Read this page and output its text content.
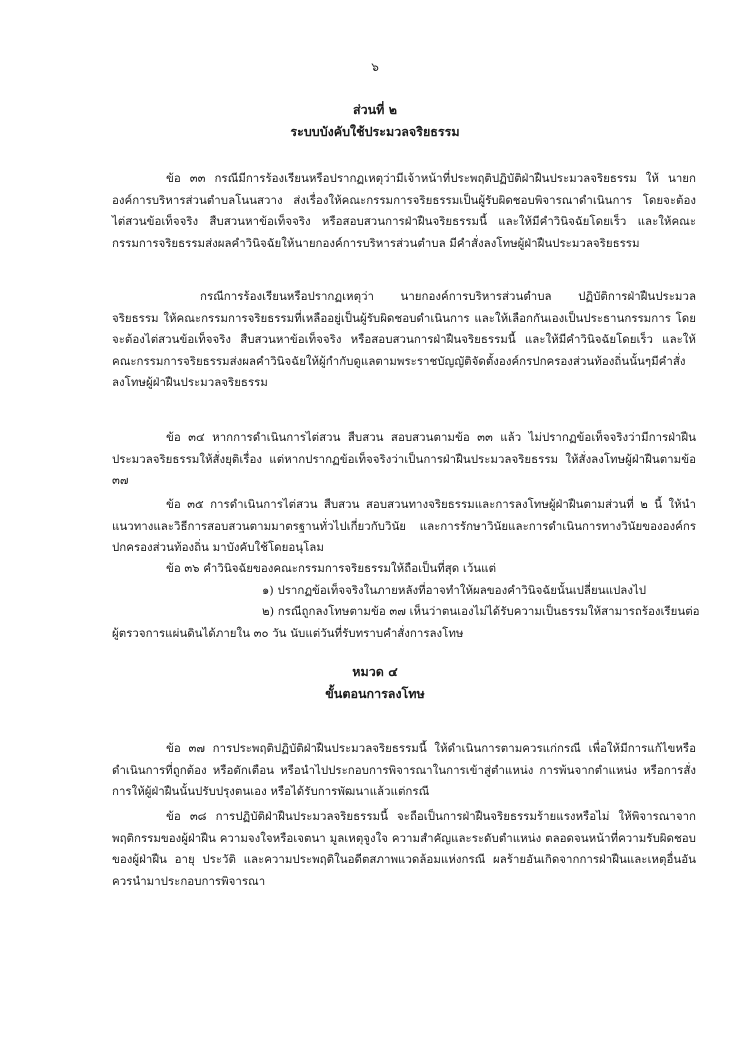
๖
ส่วนที่ ๒
ระบบบังคับใช้ประมวลจริยธรรม

ข้อ ๓๓ กรณีมีการร้องเรียนหรือปรากฏเหตุว่ามีเจ้าหน้าที่ประพฤติปฏิบัติฝ่าฝืนประมวลจริยธรรม ให้ นายกองค์การบริหารส่วนตำบลโนนสวาง ส่งเรื่องให้คณะกรรมการจริยธรรมเป็นผู้รับผิดชอบพิจารณาดำเนินการ โดยจะต้องไต่สวนข้อเท็จจริง สืบสวนหาข้อเท็จจริง หรือสอบสวนการฝ่าฝืนจริยธรรมนี้ และให้มีคำวินิจฉัยโดยเร็ว และให้คณะกรรมการจริยธรรมส่งผลคำวินิจฉัยให้นายกองค์การบริหารส่วนตำบล มีคำสั่งลงโทษผู้ฝ่าฝืนประมวลจริยธรรม

กรณีการร้องเรียนหรือปรากฏเหตุว่า นายกองค์การบริหารส่วนตำบล ปฏิบัติการฝ่าฝืนประมวลจริยธรรม ให้คณะกรรมการจริยธรรมที่เหลืออยู่เป็นผู้รับผิดชอบดำเนินการ และให้เลือกกันเองเป็นประธานกรรมการ โดยจะต้องไต่สวนข้อเท็จจริง สืบสวนหาข้อเท็จจริง หรือสอบสวนการฝ่าฝืนจริยธรรมนี้ และให้มีคำวินิจฉัยโดยเร็ว และให้คณะกรรมการจริยธรรมส่งผลคำวินิจฉัยให้ผู้กำกับดูแลตามพระราชบัญญัติจัดตั้งองค์กรปกครองส่วนท้องถิ่นนั้นๆมีคำสั่งลงโทษผู้ฝ่าฝืนประมวลจริยธรรม

ข้อ ๓๔ หากการดำเนินการไต่สวน สืบสวน สอบสวนตามข้อ ๓๓ แล้ว ไม่ปรากฏข้อเท็จจริงว่ามีการฝ่าฝืนประมวลจริยธรรมให้สั่งยุติเรื่อง แต่หากปรากฏข้อเท็จจริงว่าเป็นการฝ่าฝืนประมวลจริยธรรม ให้สั่งลงโทษผู้ฝ่าฝืนตามข้อ ๓๗

ข้อ ๓๕ การดำเนินการไต่สวน สืบสวน สอบสวนทางจริยธรรมและการลงโทษผู้ฝ่าฝืนตามส่วนที่ ๒ นี้ ให้นำแนวทางและวิธีการสอบสวนตามมาตรฐานทั่วไปเกี่ยวกับวินัย และการรักษาวินัยและการดำเนินการทางวินัยขององค์กรปกครองส่วนท้องถิ่น มาบังคับใช้โดยอนุโลม

ข้อ ๓๖ คำวินิจฉัยของคณะกรรมการจริยธรรมให้ถือเป็นที่สุด เว้นแต่

๑) ปรากฏข้อเท็จจริงในภายหลังที่อาจทำให้ผลของคำวินิจฉัยนั้นเปลี่ยนแปลงไป

๒) กรณีถูกลงโทษตามข้อ ๓๗ เห็นว่าตนเองไม่ได้รับความเป็นธรรมให้สามารถร้องเรียนต่อ

ผู้ตรวจการแผ่นดินได้ภายใน ๓๐ วัน นับแต่วันที่รับทราบคำสั่งการลงโทษ

หมวด ๔
ขั้นตอนการลงโทษ

ข้อ ๓๗ การประพฤติปฏิบัติฝ่าฝืนประมวลจริยธรรมนี้ ให้ดำเนินการตามควรแก่กรณี เพื่อให้มีการแก้ไขหรือดำเนินการที่ถูกต้อง หรือตักเตือน หรือนำไปประกอบการพิจารณาในการเข้าสู่ตำแหน่ง การพ้นจากตำแหน่ง หรือการสั่งการให้ผู้ฝ่าฝืนนั้นปรับปรุงตนเอง หรือได้รับการพัฒนาแล้วแต่กรณี

ข้อ ๓๘ การปฏิบัติฝ่าฝืนประมวลจริยธรรมนี้ จะถือเป็นการฝ่าฝืนจริยธรรมร้ายแรงหรือไม่ ให้พิจารณาจากพฤติกรรมของผู้ฝ่าฝืน ความจงใจหรือเจตนา มูลเหตุจูงใจ ความสำคัญและระดับตำแหน่ง ตลอดจนหน้าที่ความรับผิดชอบของผู้ฝ่าฝืน อายุ ประวัติ และความประพฤติในอดีตสภาพแวดล้อมแห่งกรณี ผลร้ายอันเกิดจากการฝ่าฝืนและเหตุอื่นอันควรนำมาประกอบการพิจารณา
